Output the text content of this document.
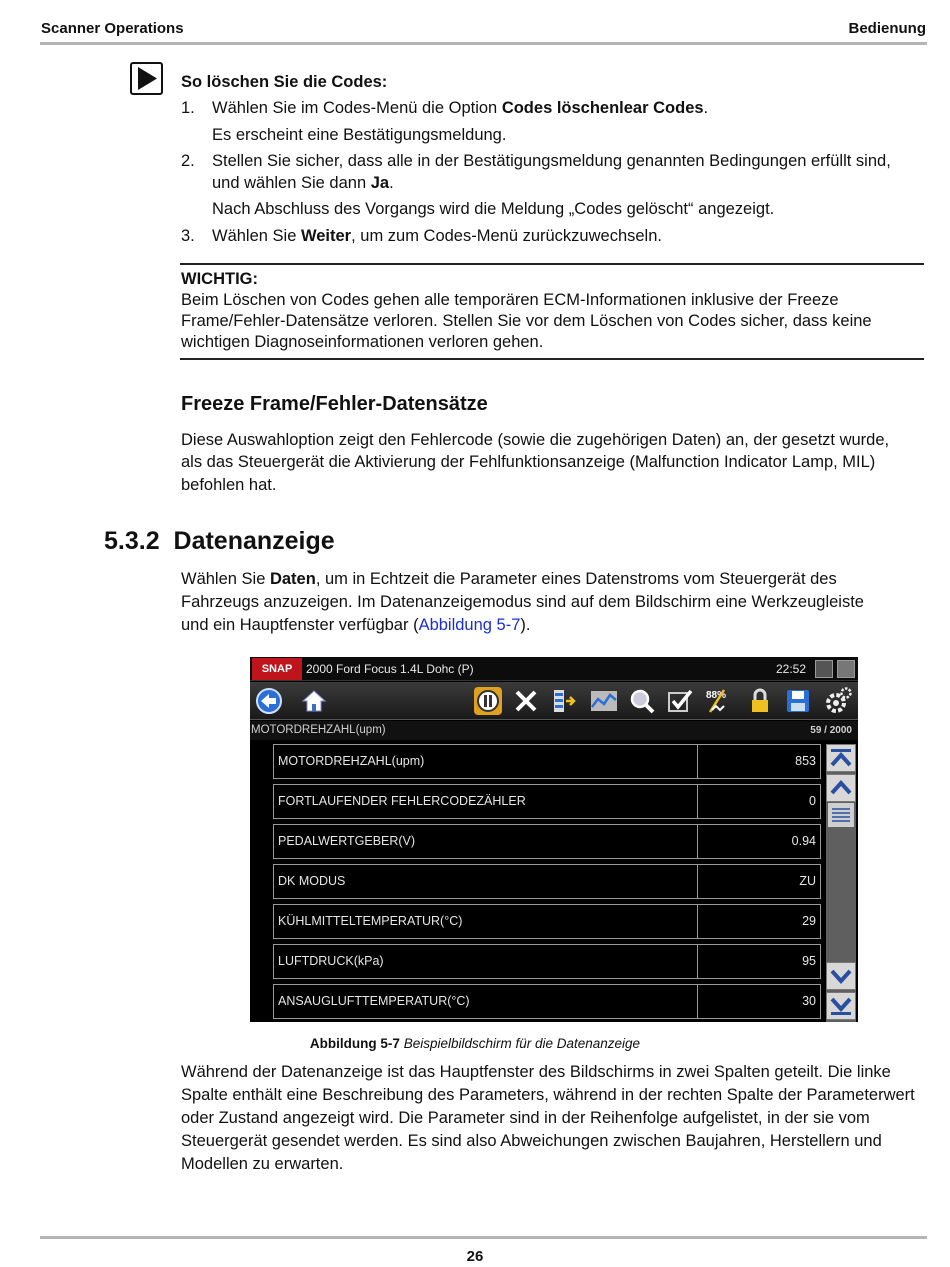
Scanner Operations	Bedienung
So löschen Sie die Codes:
1. Wählen Sie im Codes-Menü die Option Codes löschenlear Codes.
Es erscheint eine Bestätigungsmeldung.
2. Stellen Sie sicher, dass alle in der Bestätigungsmeldung genannten Bedingungen erfüllt sind,
und wählen Sie dann Ja.
Nach Abschluss des Vorgangs wird die Meldung „Codes gelöscht“ angezeigt.
3. Wählen Sie Weiter, um zum Codes-Menü zurückzuwechseln.
WICHTIG:
Beim Löschen von Codes gehen alle temporären ECM-Informationen inklusive der Freeze
Frame/Fehler-Datensätze verloren. Stellen Sie vor dem Löschen von Codes sicher, dass keine
wichtigen Diagnoseinformationen verloren gehen.
Freeze Frame/Fehler-Datensätze
Diese Auswahloption zeigt den Fehlercode (sowie die zugehörigen Daten) an, der gesetzt wurde,
als das Steuergerät die Aktivierung der Fehlfunktionsanzeige (Malfunction Indicator Lamp, MIL)
befohlen hat.
5.3.2 Datenanzeige
Wählen Sie Daten, um in Echtzeit die Parameter eines Datenstroms vom Steuergerät des
Fahrzeugs anzuzeigen. Im Datenanzeigemodus sind auf dem Bildschirm eine Werkzeugleiste
und ein Hauptfenster verfügbar (Abbildung 5-7).
SNAP	2000 Ford Focus 1.4L Dohc (P)	22:52
88%
MOTORDREHZAHL(upm)	59 / 2000
MOTORDREHZAHL(upm)	853
FORTLAUFENDER FEHLERCODEZÄHLER	0
PEDALWERTGEBER(V)	0.94
DK MODUS	ZU
KÜHLMITTELTEMPERATUR(°C)	29
LUFTDRUCK(kPa)	95
ANSAUGLUFTTEMPERATUR(°C)	30
Abbildung 5-7 Beispielbildschirm für die Datenanzeige
Während der Datenanzeige ist das Hauptfenster des Bildschirms in zwei Spalten geteilt. Die linke
Spalte enthält eine Beschreibung des Parameters, während in der rechten Spalte der Parameterwert
oder Zustand angezeigt wird. Die Parameter sind in der Reihenfolge aufgelistet, in der sie vom
Steuergerät gesendet werden. Es sind also Abweichungen zwischen Baujahren, Herstellern und
Modellen zu erwarten.
26
